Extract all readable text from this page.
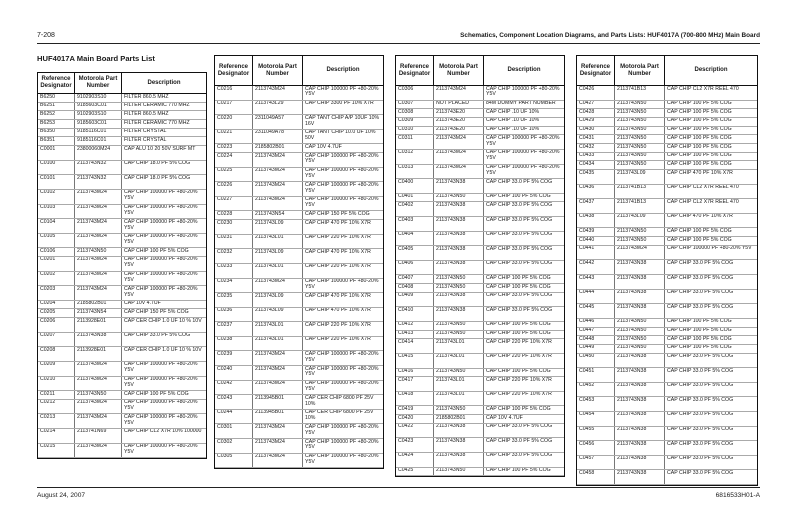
7-208	Schematics, Component Location Diagrams, and Parts Lists: HUF4017A (700-800 MHz) Main Board
HUF4017A Main Board Parts List
Reference Designator
Motorola Part Number
Description
B6250	9102903S10	FILTER 860.5 MHZ
B6251	9185603C01	FILTER CERAMIC 770 MHZ
B6252	9102903S10	FILTER 860.5 MHZ
B6253	9185603C01	FILTER CERAMIC 770 MHZ
B6350	9185116C01	FILTER CRYSTAL
B6351	9185116C01	FILTER CRYSTAL
C0001	23800060M24	CAP ALU 10 20 50V SURF MT
C0100	2113743N32	CAP CHIP 18.0 PF 5% COG
C0101	2113743N32	CAP CHIP 18.0 PF 5% COG
C0102	2113743M24	CAP CHIP 100000 PF +80-20% Y5V
C0103	2113743M24	CAP CHIP 100000 PF +80-20% Y5V
C0104	2113743M24	CAP CHIP 100000 PF +80-20% Y5V
C0105	2113743M24	CAP CHIP 100000 PF +80-20% Y5V
C0106	2113743N50	CAP CHIP 100 PF 5% COG
C0201	2113743M24	CAP CHIP 100000 PF +80-20% Y5V
C0202	2113743M24	CAP CHIP 100000 PF +80-20% Y5V
C0203	2113743M24	CAP CHIP 100000 PF +80-20% Y5V
C0204	2185802B01	CAP 10V 4.7UF
C0205	2113743N54	CAP CHIP 150 PF 5% COG
C0206	2113928E01	CAP CER CHIP 1.0 UF 10 % 10V
C0207	2113743N38	CAP CHIP 33.0 PF 5% COG
C0208	2113928E01	CAP CER CHIP 1.0 UF 10 % 10V
C0209	2113743M24	CAP CHIP 100000 PF +80-20% Y5V
C0210	2113743M24	CAP CHIP 100000 PF +80-20% Y5V
C0211	2113743N50	CAP CHIP 100 PF 5% COG
C0212	2113743M24	CAP CHIP 100000 PF +80-20% Y5V
C0213	2113743M24	CAP CHIP 100000 PF +80-20% Y5V
C0214	2113741N69	CAP CHIP CL2 X7R 10% 100000
C0215	2113743M24	CAP CHIP 100000 PF +80-20% Y5V
Reference Designator
Motorola Part Number
Description
C0216	2113743M24	CAP CHIP 100000 PF +80-20% Y5V
C0217	2113743L29	CAP CHIP 3300 PF 10% X7R
C0220	2311049A57	CAP TANT CHIP A/P 10UF 10% 16V
C0221	2311049A78	CAP TANT CHIP 10.0 UF 10% 50V
C0223	2185802B01	CAP 10V 4.7UF
C0224	2113743M24	CAP CHIP 100000 PF +80-20% Y5V
C0225	2113743M24	CAP CHIP 100000 PF +80-20% Y5V
C0226	2113743M24	CAP CHIP 100000 PF +80-20% Y5V
C0227	2113743M24	CAP CHIP 100000 PF +80-20% Y5V
C0228	2113743N54	CAP CHIP 150 PF 5% COG
C0230	2113743L09	CAP CHIP 470 PF 10% X7R
C0231	2113743L01	CAP CHIP 220 PF 10% X7R
C0232	2113743L09	CAP CHIP 470 PF 10% X7R
C0233	2113743L01	CAP CHIP 220 PF 10% X7R
C0234	2113743M24	CAP CHIP 100000 PF +80-20% Y5V
C0235	2113743L09	CAP CHIP 470 PF 10% X7R
C0236	2113743L09	CAP CHIP 470 PF 10% X7R
C0237	2113743L01	CAP CHIP 220 PF 10% X7R
C0238	2113743L01	CAP CHIP 220 PF 10% X7R
C0239	2113743M24	CAP CHIP 100000 PF +80-20% Y5V
C0240	2113743M24	CAP CHIP 100000 PF +80-20% Y5V
C0242	2113743M24	CAP CHIP 100000 PF +80-20% Y5V
C0243	2113945B01	CAP CER CHIP 6800 PF 25V 10%
C0244	2113945B01	CAP CER CHIP 6800 PF 25V 10%
C0301	2113743M24	CAP CHIP 100000 PF +80-20% Y5V
C0302	2113743M24	CAP CHIP 100000 PF +80-20% Y5V
C0305	2113743M24	CAP CHIP 100000 PF +80-20% Y5V
Reference Designator
Motorola Part Number
Description
C0306	2113743M24	CAP CHIP 100000 PF +80-20% Y5V
C0307	NOT PLACED	84M DUMMY PART NUMBER
C0308	2113743E20	CAP CHIP .10 UF 10%
C0309	2113743E20	CAP CHIP .10 UF 10%
C0310	2113743E20	CAP CHIP .10 UF 10%
C0311	2113743M24	CAP CHIP 100000 PF +80-20% Y5V
C0312	2113743M24	CAP CHIP 100000 PF +80-20% Y5V
C0313	2113743M24	CAP CHIP 100000 PF +80-20% Y5V
C0400	2113743N38	CAP CHIP 33.0 PF 5% COG
C0401	2113743N50	CAP CHIP 100 PF 5% COG
C0402	2113743N38	CAP CHIP 33.0 PF 5% COG
C0403	2113743N38	CAP CHIP 33.0 PF 5% COG
C0404	2113743N38	CAP CHIP 33.0 PF 5% COG
C0405	2113743N38	CAP CHIP 33.0 PF 5% COG
C0406	2113743N38	CAP CHIP 33.0 PF 5% COG
C0407	2113743N50	CAP CHIP 100 PF 5% COG
C0408	2113743N50	CAP CHIP 100 PF 5% COG
C0409	2113743N38	CAP CHIP 33.0 PF 5% COG
C0410	2113743N38	CAP CHIP 33.0 PF 5% COG
C0412	2113743N50	CAP CHIP 100 PF 5% COG
C0413	2113743N50	CAP CHIP 100 PF 5% COG
C0414	2113743L01	CAP CHIP 220 PF 10% X7R
C0415	2113743L01	CAP CHIP 220 PF 10% X7R
C0416	2113743N50	CAP CHIP 100 PF 5% COG
C0417	2113743L01	CAP CHIP 220 PF 10% X7R
C0418	2113743L01	CAP CHIP 220 PF 10% X7R
C0419	2113743N50	CAP CHIP 100 PF 5% COG
C0420	2185802B01	CAP 10V 4.7UF
C0422	2113743N38	CAP CHIP 33.0 PF 5% COG
C0423	2113743N38	CAP CHIP 33.0 PF 5% COG
C0424	2113743N38	CAP CHIP 33.0 PF 5% COG
C0425	2113743N50	CAP CHIP 100 PF 5% COG
Reference Designator
Motorola Part Number
Description
C0426	2113741B13	CAP CHIP CL2 X7R REEL 470
C0427	2113743N50	CAP CHIP 100 PF 5% COG
C0428	2113743N50	CAP CHIP 100 PF 5% COG
C0429	2113743N50	CAP CHIP 100 PF 5% COG
C0430	2113743N50	CAP CHIP 100 PF 5% COG
C0431	2113743N50	CAP CHIP 100 PF 5% COG
C0432	2113743N50	CAP CHIP 100 PF 5% COG
C0433	2113743N50	CAP CHIP 100 PF 5% COG
C0434	2113743N50	CAP CHIP 100 PF 5% COG
C0435	2113743L09	CAP CHIP 470 PF 10% X7R
C0436	2113741B13	CAP CHIP CL2 X7R REEL 470
C0437	2113741B13	CAP CHIP CL2 X7R REEL 470
C0438	2113743L09	CAP CHIP 470 PF 10% X7R
C0439	2113743N50	CAP CHIP 100 PF 5% COG
C0440	2113743N50	CAP CHIP 100 PF 5% COG
C0441	2113743M24	CAP CHIP 100000 PF +80-20% Y5V
C0442	2113743N38	CAP CHIP 33.0 PF 5% COG
C0443	2113743N38	CAP CHIP 33.0 PF 5% COG
C0444	2113743N38	CAP CHIP 33.0 PF 5% COG
C0445	2113743N38	CAP CHIP 33.0 PF 5% COG
C0446	2113743N50	CAP CHIP 100 PF 5% COG
C0447	2113743N50	CAP CHIP 100 PF 5% COG
C0448	2113743N50	CAP CHIP 100 PF 5% COG
C0449	2113743N50	CAP CHIP 100 PF 5% COG
C0450	2113743N38	CAP CHIP 33.0 PF 5% COG
C0451	2113743N38	CAP CHIP 33.0 PF 5% COG
C0452	2113743N38	CAP CHIP 33.0 PF 5% COG
C0453	2113743N38	CAP CHIP 33.0 PF 5% COG
C0454	2113743N38	CAP CHIP 33.0 PF 5% COG
C0455	2113743N38	CAP CHIP 33.0 PF 5% COG
C0456	2113743N38	CAP CHIP 33.0 PF 5% COG
C0457	2113743N38	CAP CHIP 33.0 PF 5% COG
C0458	2113743N38	CAP CHIP 33.0 PF 5% COG
August 24, 2007	6816533H01-A
